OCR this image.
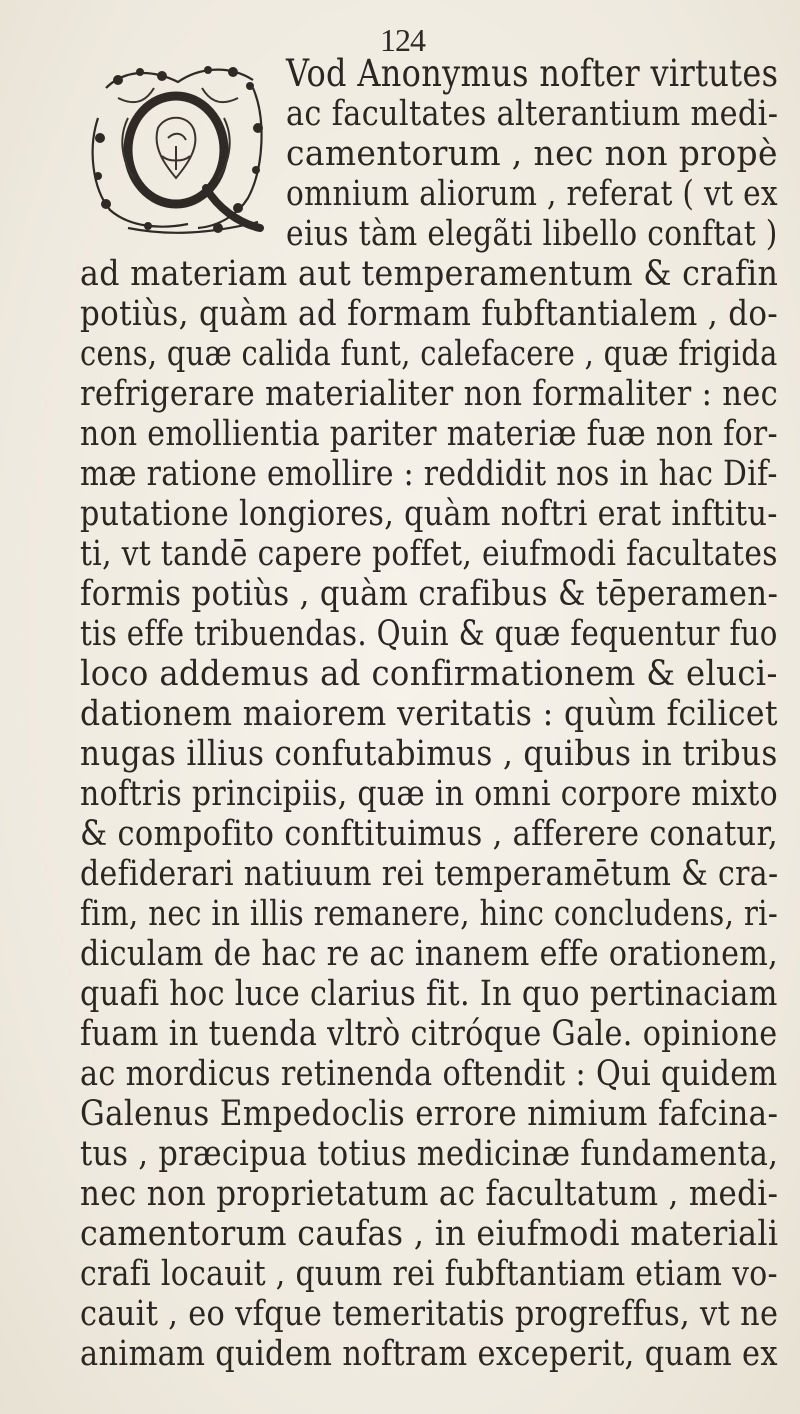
124
Vod Anonymus nofter virtutes
ac facultates alterantium medi-
camentorum , nec non propè
omnium aliorum , referat ( vt ex
eius tàm elegãti libello conftat )
ad materiam aut temperamentum & crafin
potiùs, quàm ad formam fubftantialem , do-
cens, quæ calida funt, calefacere , quæ frigida
refrigerare materialiter non formaliter : nec
non emollientia pariter materiæ fuæ non for-
mæ ratione emollire : reddidit nos in hac Dif-
putatione longiores, quàm noftri erat inftitu-
ti, vt tandē capere poffet, eiufmodi facultates
formis potiùs , quàm crafibus & tēperamen-
tis effe tribuendas. Quin & quæ fequentur fuo
loco addemus ad confirmationem & eluci-
dationem maiorem veritatis : quùm fcilicet
nugas illius confutabimus , quibus in tribus
noftris principiis, quæ in omni corpore mixto
& compofito conftituimus , afferere conatur,
defiderari natiuum rei temperamētum & cra-
fim, nec in illis remanere, hinc concludens, ri-
diculam de hac re ac inanem effe orationem,
quafi hoc luce clarius fit. In quo pertinaciam
fuam in tuenda vltrò citróque Gale. opinione
ac mordicus retinenda oftendit : Qui quidem
Galenus Empedoclis errore nimium fafcina-
tus , præcipua totius medicinæ fundamenta,
nec non proprietatum ac facultatum , medi-
camentorum caufas , in eiufmodi materiali
crafi locauit , quum rei fubftantiam etiam vo-
cauit , eo vfque temeritatis progreffus, vt ne
animam quidem noftram exceperit, quam ex
